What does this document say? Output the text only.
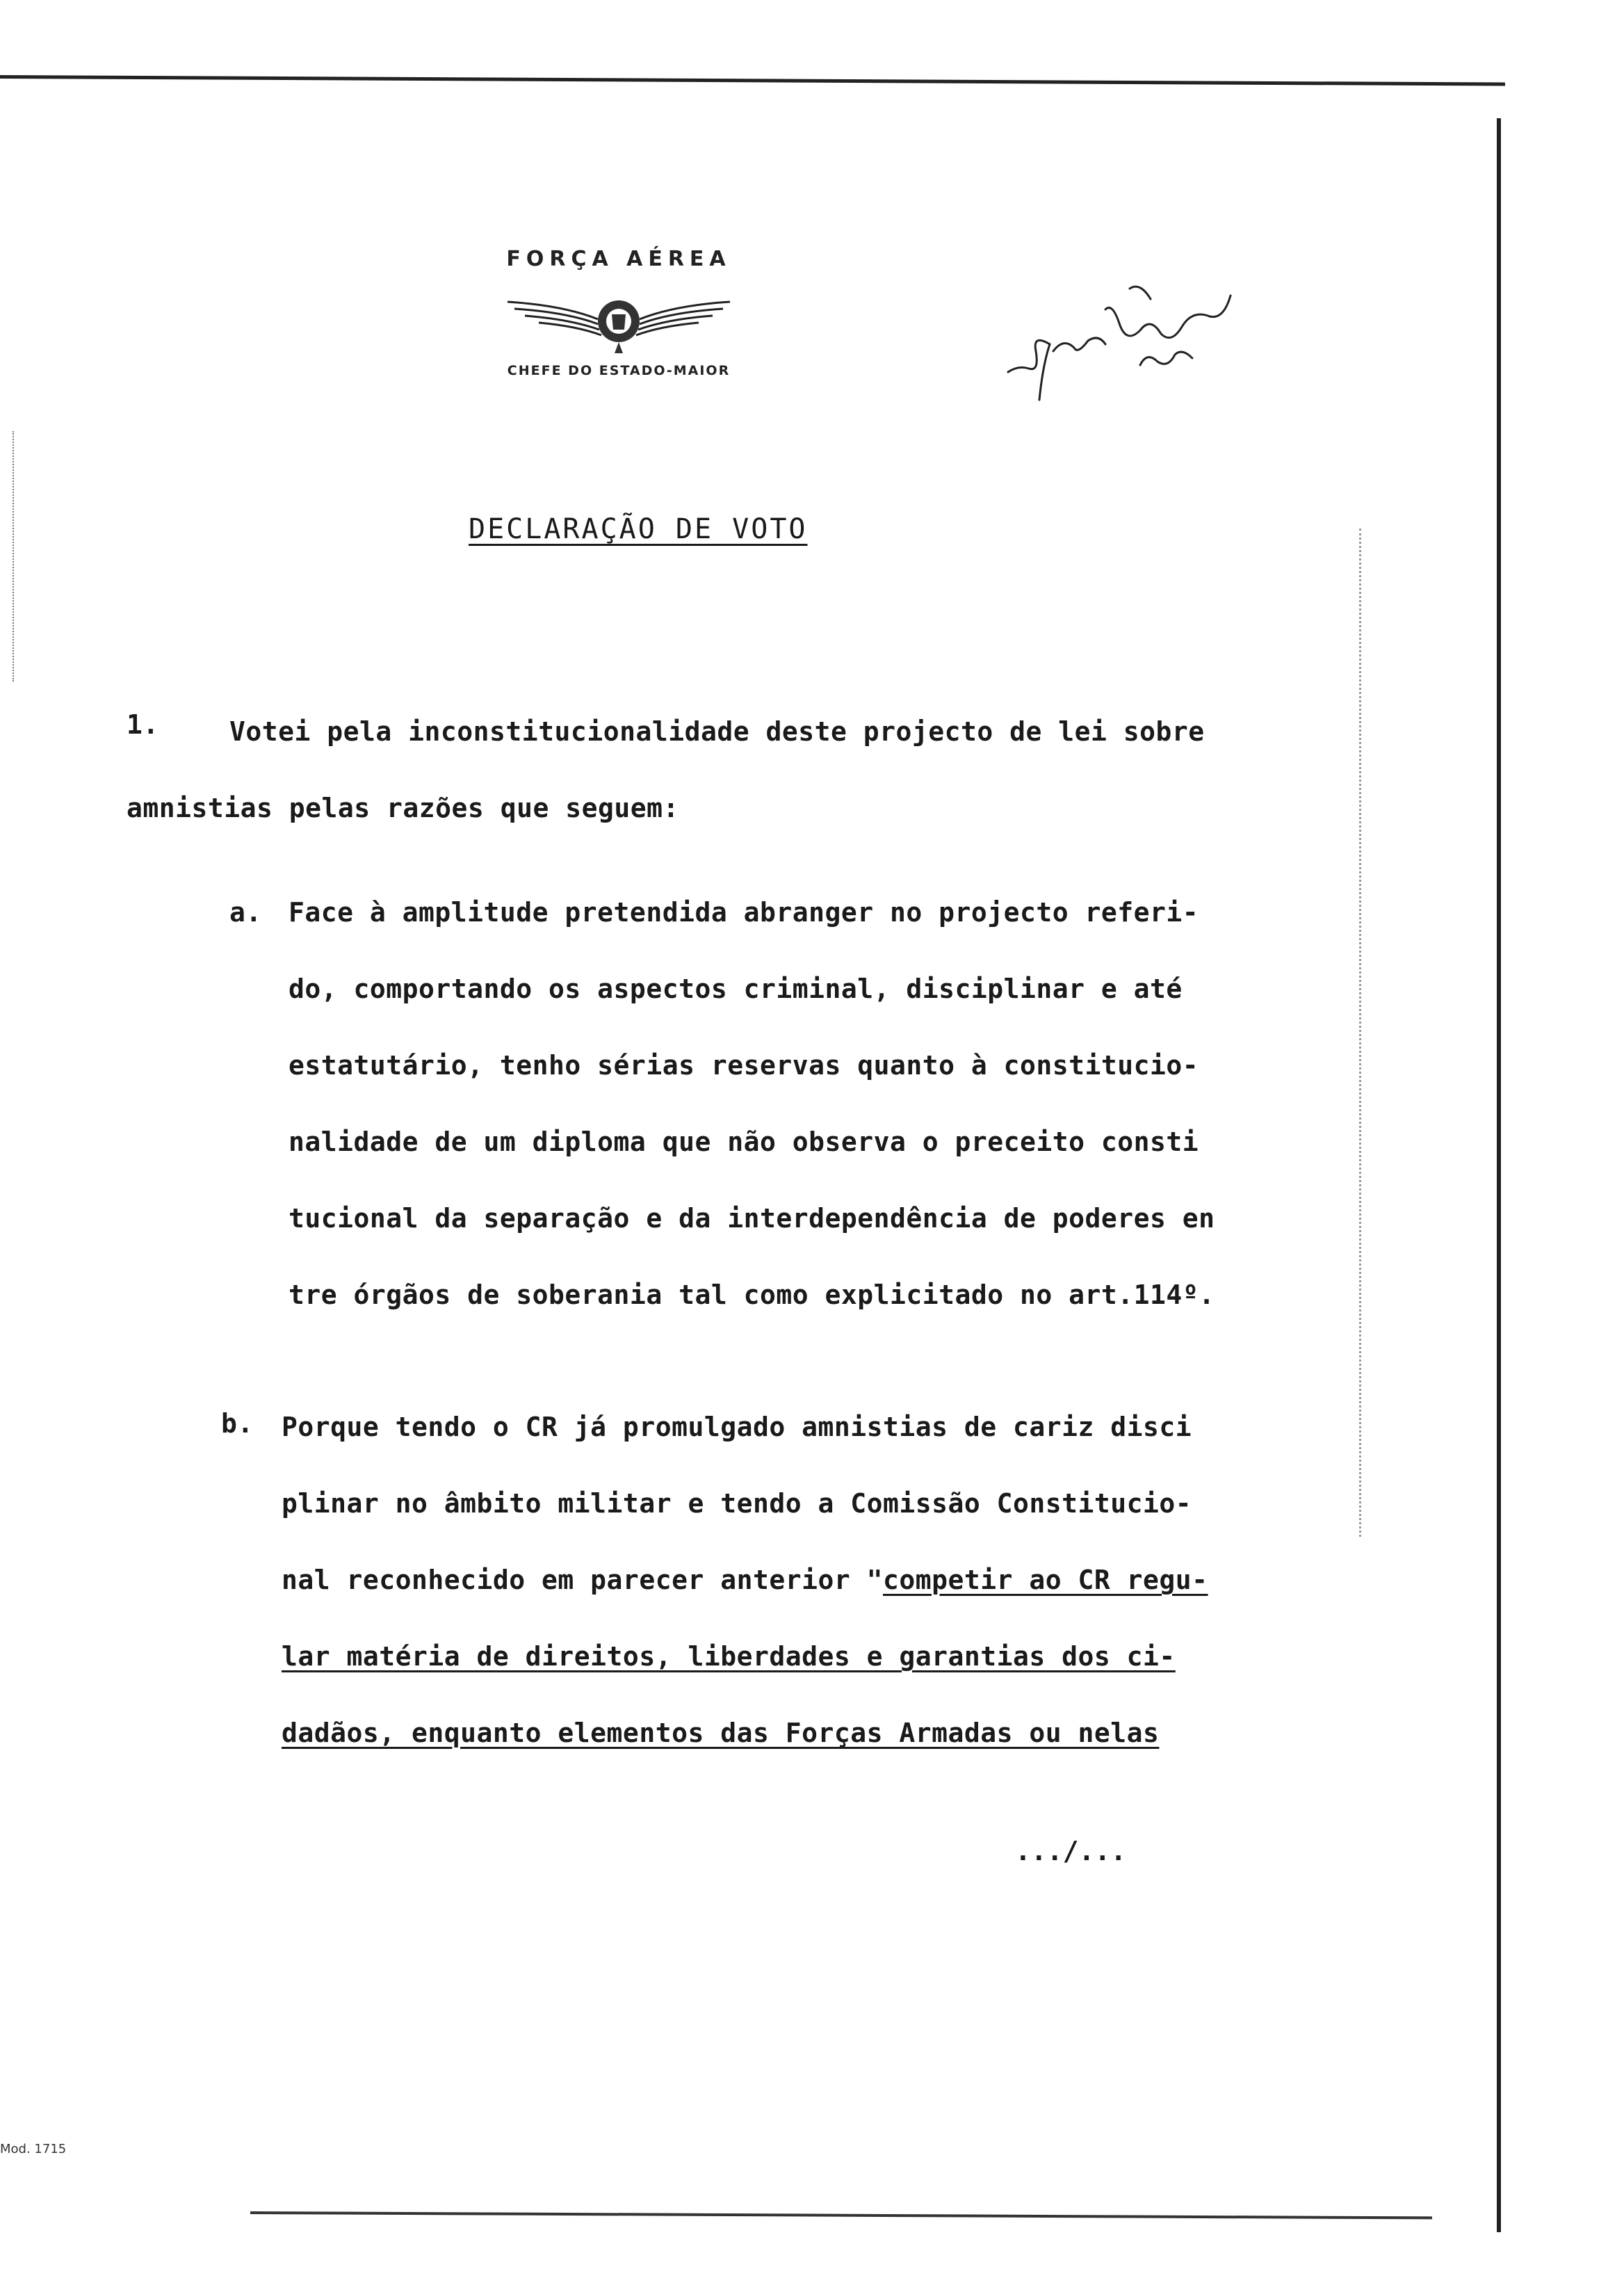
FORÇA AÉREA
CHEFE DO ESTADO-MAIOR
DECLARAÇÃO DE VOTO
1.	Votei pela inconstitucionalidade deste projecto de lei sobre
amnistias pelas razões que seguem:
a. Face à amplitude pretendida abranger no projecto referi-
do, comportando os aspectos criminal, disciplinar e até
estatutário, tenho sérias reservas quanto à constitucio-
nalidade de um diploma que não observa o preceito consti
tucional da separação e da interdependência de poderes en
tre órgãos de soberania tal como explicitado no art.114º.
b. Porque tendo o CR já promulgado amnistias de cariz disci
plinar no âmbito militar e tendo a Comissão Constitucio-
nal reconhecido em parecer anterior "competir ao CR regu-
lar matéria de direitos, liberdades e garantias dos ci-
dadãos, enquanto elementos das Forças Armadas ou nelas
.../...
Mod. 1715
